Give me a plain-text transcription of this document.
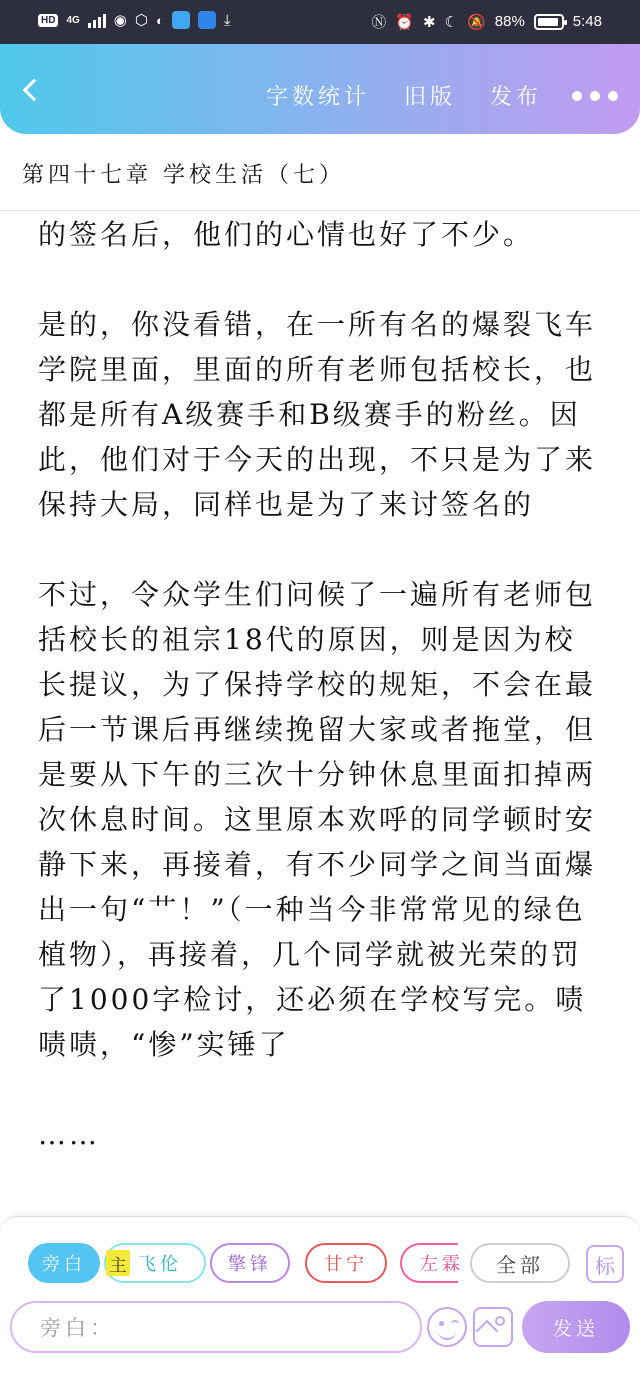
HD	4G ◉ ⬡ ◐	⤓	Ⓝ ⏰ ✱ ☾ 🔕 88%	5:48
字数统计 旧版 发布
第四十七章 学校生活（七）

的签名后，他们的心情也好了不少。

是的，你没看错，在一所有名的爆裂飞车学院里面，里面的所有老师包括校长，也都是所有A级赛手和B级赛手的粉丝。因此，他们对于今天的出现，不只是为了来保持大局，同样也是为了来讨签名的

不过，令众学生们问候了一遍所有老师包括校长的祖宗18代的原因，则是因为校长提议，为了保持学校的规矩，不会在最后一节课后再继续挽留大家或者拖堂，但是要从下午的三次十分钟休息里面扣掉两次休息时间。这里原本欢呼的同学顿时安静下来，再接着，有不少同学之间当面爆出一句“艹！”（一种当今非常常见的绿色植物），再接着，几个同学就被光荣的罚了1000字检讨，还必须在学校写完。啧啧啧，“惨”实锤了

……

旁白	主 飞伦	擎锋	甘宁	左霖	全部	标
旁白：	发送
